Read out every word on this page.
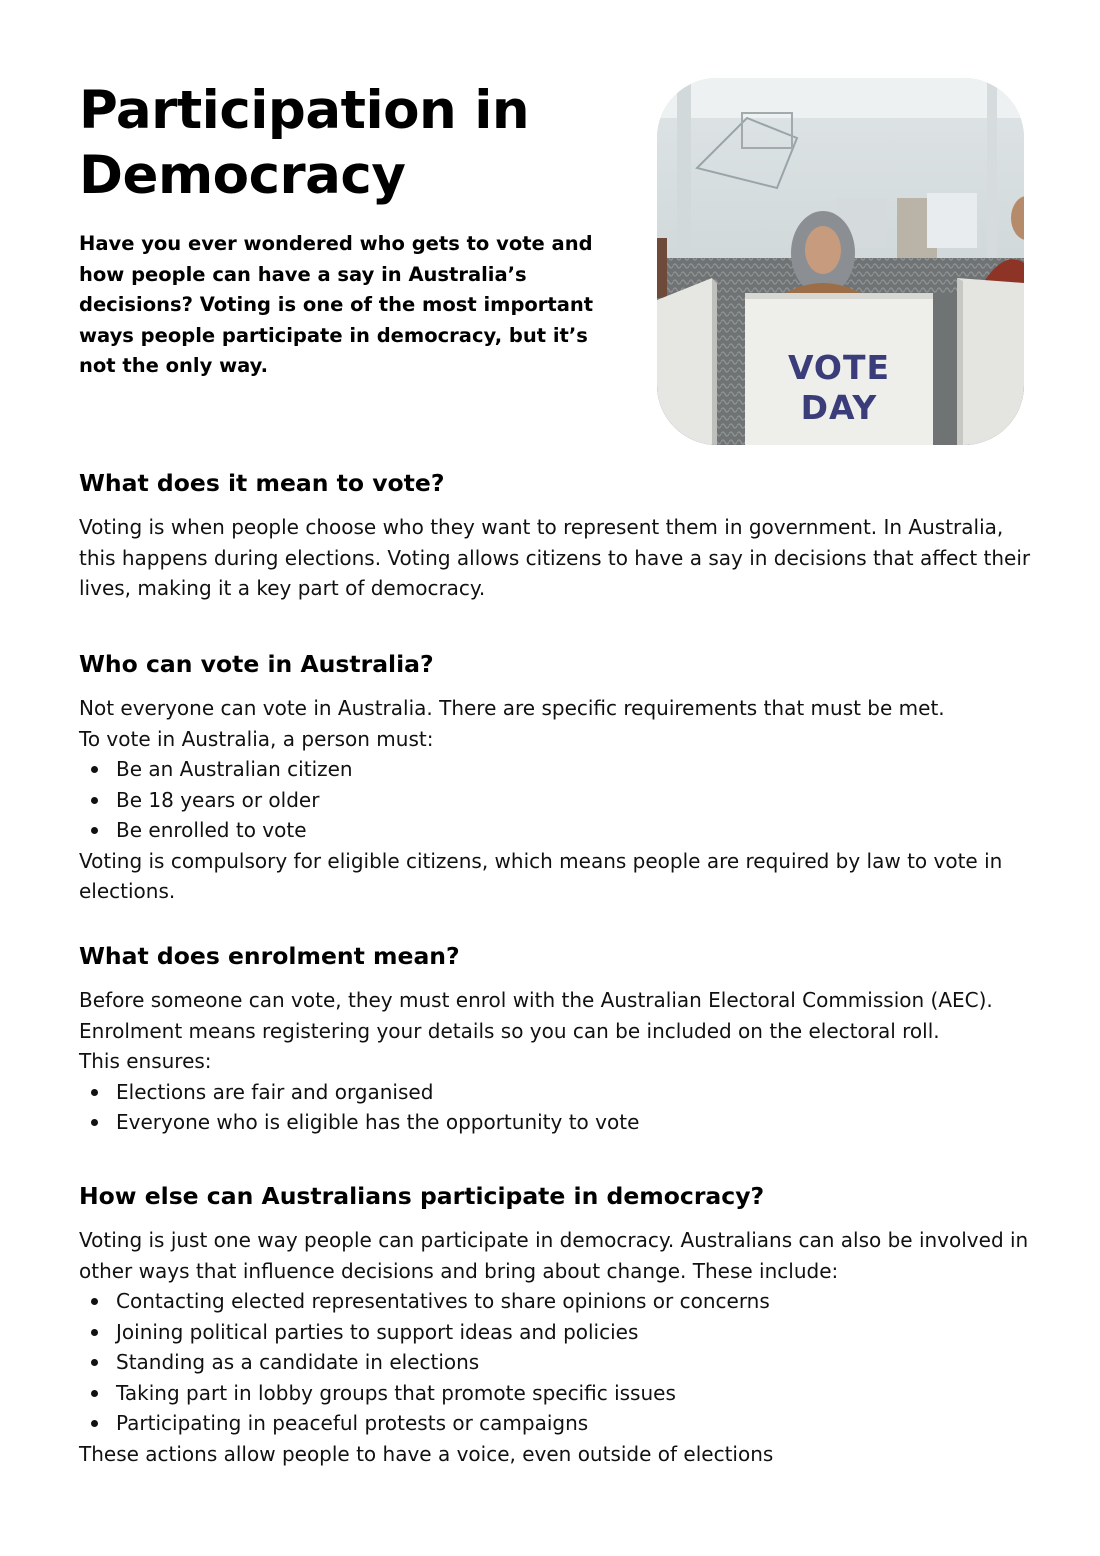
Participation in
Democracy

Have you ever wondered who gets to vote and how people can have a say in Australia’s decisions? Voting is one of the most important ways people participate in democracy, but it’s not the only way.	VOTE
DAY
What does it mean to vote?

Voting is when people choose who they want to represent them in government. In Australia, this happens during elections. Voting allows citizens to have a say in decisions that affect their lives, making it a key part of democracy.

Who can vote in Australia?

Not everyone can vote in Australia. There are specific requirements that must be met.

To vote in Australia, a person must:

Be an Australian citizen
Be 18 years or older
Be enrolled to vote

Voting is compulsory for eligible citizens, which means people are required by law to vote in elections.

What does enrolment mean?

Before someone can vote, they must enrol with the Australian Electoral Commission (AEC).

Enrolment means registering your details so you can be included on the electoral roll.

This ensures:

Elections are fair and organised
Everyone who is eligible has the opportunity to vote
How else can Australians participate in democracy?

Voting is just one way people can participate in democracy. Australians can also be involved in other ways that influence decisions and bring about change. These include:

Contacting elected representatives to share opinions or concerns
Joining political parties to support ideas and policies
Standing as a candidate in elections
Taking part in lobby groups that promote specific issues
Participating in peaceful protests or campaigns

These actions allow people to have a voice, even outside of elections
